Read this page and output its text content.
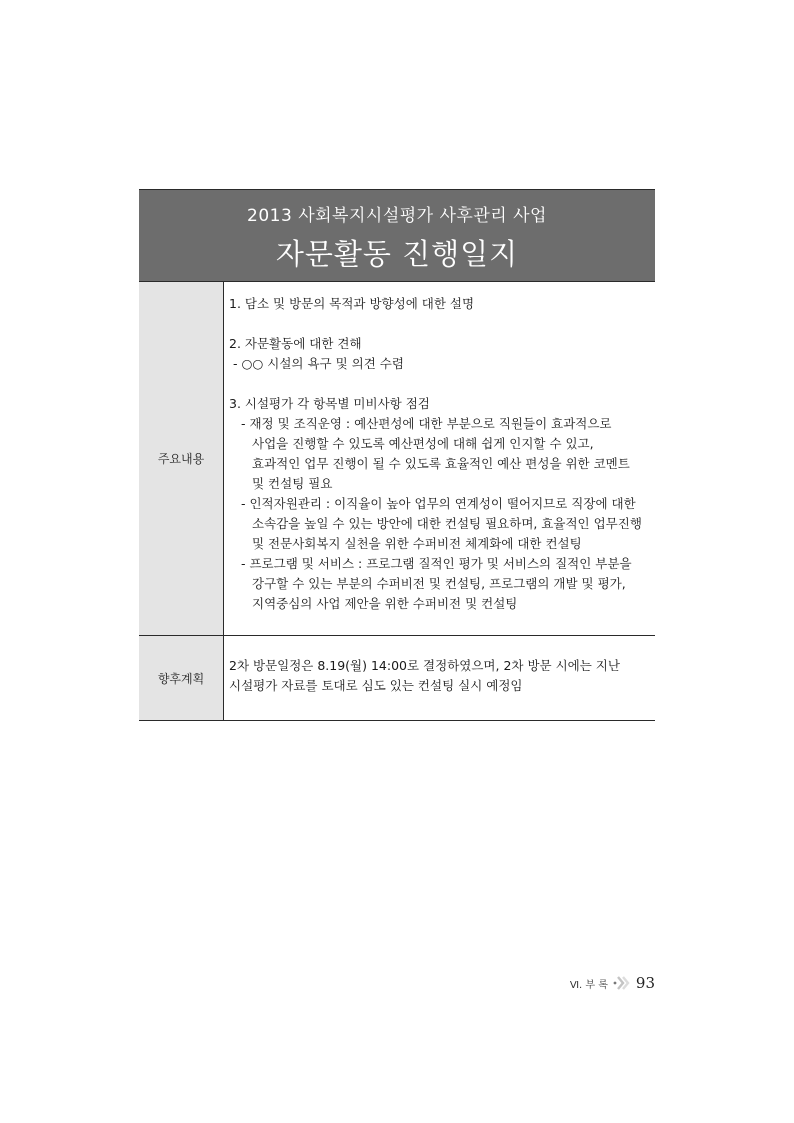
2013 사회복지시설평가 사후관리 사업
자문활동 진행일지
주요내용
1. 담소 및 방문의 목적과 방향성에 대한 설명
2. 자문활동에 대한 견해
- ○○ 시설의 욕구 및 의견 수렴
3. 시설평가 각 항목별 미비사항 점검
- 재정 및 조직운영 : 예산편성에 대한 부분으로 직원들이 효과적으로
사업을 진행할 수 있도록 예산편성에 대해 쉽게 인지할 수 있고,
효과적인 업무 진행이 될 수 있도록 효율적인 예산 편성을 위한 코멘트
및 컨설팅 필요
- 인적자원관리 : 이직율이 높아 업무의 연계성이 떨어지므로 직장에 대한
소속감을 높일 수 있는 방안에 대한 컨설팅 필요하며, 효율적인 업무진행
및 전문사회복지 실천을 위한 수퍼비전 체계화에 대한 컨설팅
- 프로그램 및 서비스 : 프로그램 질적인 평가 및 서비스의 질적인 부분을
강구할 수 있는 부분의 수퍼비전 및 컨설팅, 프로그램의 개발 및 평가,
지역중심의 사업 제안을 위한 수퍼비전 및 컨설팅
향후계획
2차 방문일정은 8.19(월) 14:00로 결정하였으며, 2차 방문 시에는 지난
시설평가 자료를 토대로 심도 있는 컨설팅 실시 예정임
Ⅵ. 부 록 93
